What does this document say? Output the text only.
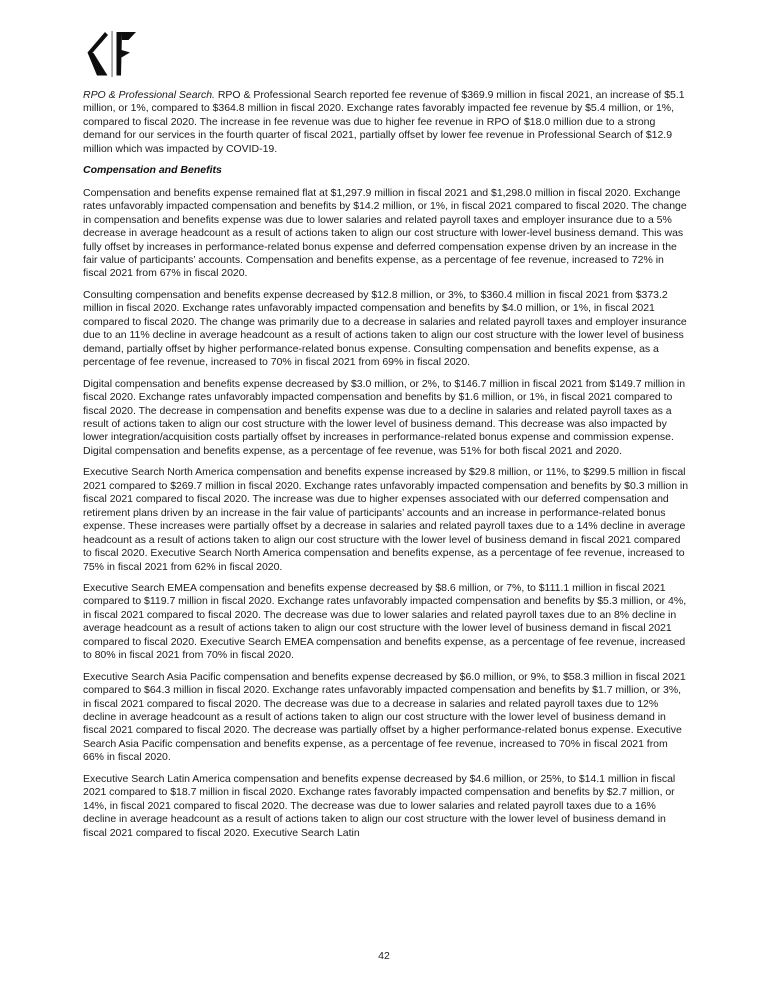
RPO & Professional Search. RPO & Professional Search reported fee revenue of $369.9 million in fiscal 2021, an increase of $5.1 million, or 1%, compared to $364.8 million in fiscal 2020. Exchange rates favorably impacted fee revenue by $5.4 million, or 1%, compared to fiscal 2020. The increase in fee revenue was due to higher fee revenue in RPO of $18.0 million due to a strong demand for our services in the fourth quarter of fiscal 2021, partially offset by lower fee revenue in Professional Search of $12.9 million which was impacted by COVID-19.

Compensation and Benefits

Compensation and benefits expense remained flat at $1,297.9 million in fiscal 2021 and $1,298.0 million in fiscal 2020. Exchange rates unfavorably impacted compensation and benefits by $14.2 million, or 1%, in fiscal 2021 compared to fiscal 2020. The change in compensation and benefits expense was due to lower salaries and related payroll taxes and employer insurance due to a 5% decrease in average headcount as a result of actions taken to align our cost structure with lower-level business demand. This was fully offset by increases in performance-related bonus expense and deferred compensation expense driven by an increase in the fair value of participants’ accounts. Compensation and benefits expense, as a percentage of fee revenue, increased to 72% in fiscal 2021 from 67% in fiscal 2020.

Consulting compensation and benefits expense decreased by $12.8 million, or 3%, to $360.4 million in fiscal 2021 from $373.2 million in fiscal 2020. Exchange rates unfavorably impacted compensation and benefits by $4.0 million, or 1%, in fiscal 2021 compared to fiscal 2020. The change was primarily due to a decrease in salaries and related payroll taxes and employer insurance due to an 11% decline in average headcount as a result of actions taken to align our cost structure with the lower level of business demand, partially offset by higher performance-related bonus expense. Consulting compensation and benefits expense, as a percentage of fee revenue, increased to 70% in fiscal 2021 from 69% in fiscal 2020.

Digital compensation and benefits expense decreased by $3.0 million, or 2%, to $146.7 million in fiscal 2021 from $149.7 million in fiscal 2020. Exchange rates unfavorably impacted compensation and benefits by $1.6 million, or 1%, in fiscal 2021 compared to fiscal 2020. The decrease in compensation and benefits expense was due to a decline in salaries and related payroll taxes as a result of actions taken to align our cost structure with the lower level of business demand. This decrease was also impacted by lower integration/acquisition costs partially offset by increases in performance-related bonus expense and commission expense. Digital compensation and benefits expense, as a percentage of fee revenue, was 51% for both fiscal 2021 and 2020.

Executive Search North America compensation and benefits expense increased by $29.8 million, or 11%, to $299.5 million in fiscal 2021 compared to $269.7 million in fiscal 2020. Exchange rates unfavorably impacted compensation and benefits by $0.3 million in fiscal 2021 compared to fiscal 2020. The increase was due to higher expenses associated with our deferred compensation and retirement plans driven by an increase in the fair value of participants’ accounts and an increase in performance-related bonus expense. These increases were partially offset by a decrease in salaries and related payroll taxes due to a 14% decline in average headcount as a result of actions taken to align our cost structure with the lower level of business demand in fiscal 2021 compared to fiscal 2020. Executive Search North America compensation and benefits expense, as a percentage of fee revenue, increased to 75% in fiscal 2021 from 62% in fiscal 2020.

Executive Search EMEA compensation and benefits expense decreased by $8.6 million, or 7%, to $111.1 million in fiscal 2021 compared to $119.7 million in fiscal 2020. Exchange rates unfavorably impacted compensation and benefits by $5.3 million, or 4%, in fiscal 2021 compared to fiscal 2020. The decrease was due to lower salaries and related payroll taxes due to an 8% decline in average headcount as a result of actions taken to align our cost structure with the lower level of business demand in fiscal 2021 compared to fiscal 2020. Executive Search EMEA compensation and benefits expense, as a percentage of fee revenue, increased to 80% in fiscal 2021 from 70% in fiscal 2020.

Executive Search Asia Pacific compensation and benefits expense decreased by $6.0 million, or 9%, to $58.3 million in fiscal 2021 compared to $64.3 million in fiscal 2020. Exchange rates unfavorably impacted compensation and benefits by $1.7 million, or 3%, in fiscal 2021 compared to fiscal 2020. The decrease was due to a decrease in salaries and related payroll taxes due to 12% decline in average headcount as a result of actions taken to align our cost structure with the lower level of business demand in fiscal 2021 compared to fiscal 2020. The decrease was partially offset by a higher performance-related bonus expense. Executive Search Asia Pacific compensation and benefits expense, as a percentage of fee revenue, increased to 70% in fiscal 2021 from 66% in fiscal 2020.

Executive Search Latin America compensation and benefits expense decreased by $4.6 million, or 25%, to $14.1 million in fiscal 2021 compared to $18.7 million in fiscal 2020. Exchange rates favorably impacted compensation and benefits by $2.7 million, or 14%, in fiscal 2021 compared to fiscal 2020. The decrease was due to lower salaries and related payroll taxes due to a 16% decline in average headcount as a result of actions taken to align our cost structure with the lower level of business demand in fiscal 2021 compared to fiscal 2020. Executive Search Latin

42
